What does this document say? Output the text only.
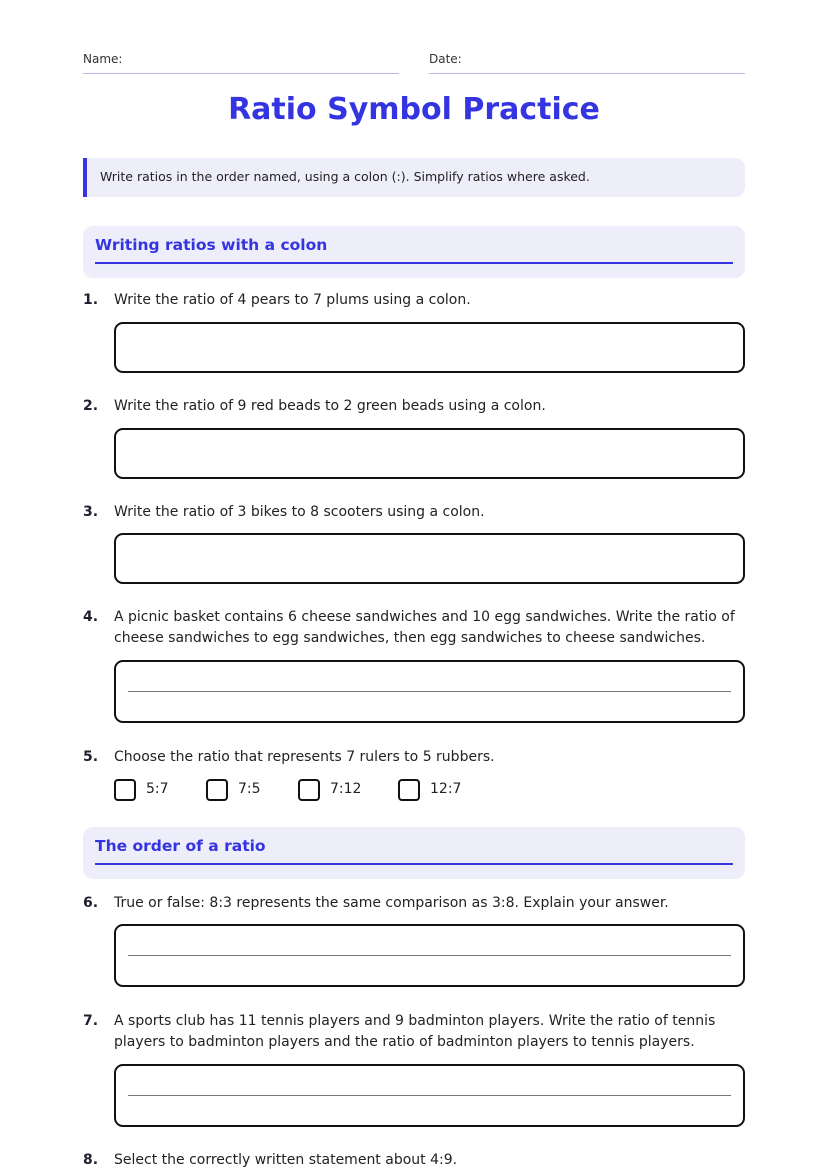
Name:	Date:
Ratio Symbol Practice
Write ratios in the order named, using a colon (:). Simplify ratios where asked.
Writing ratios with a colon
1. Write the ratio of 4 pears to 7 plums using a colon.
2. Write the ratio of 9 red beads to 2 green beads using a colon.
3. Write the ratio of 3 bikes to 8 scooters using a colon.
4. A picnic basket contains 6 cheese sandwiches and 10 egg sandwiches. Write the ratio of cheese sandwiches to egg sandwiches, then egg sandwiches to cheese sandwiches.
5. Choose the ratio that represents 7 rulers to 5 rubbers.
5:7	7:5	7:12	12:7
The order of a ratio
6. True or false: 8:3 represents the same comparison as 3:8. Explain your answer.
7. A sports club has 11 tennis players and 9 badminton players. Write the ratio of tennis players to badminton players and the ratio of badminton players to tennis players.
8. Select the correctly written statement about 4:9.
